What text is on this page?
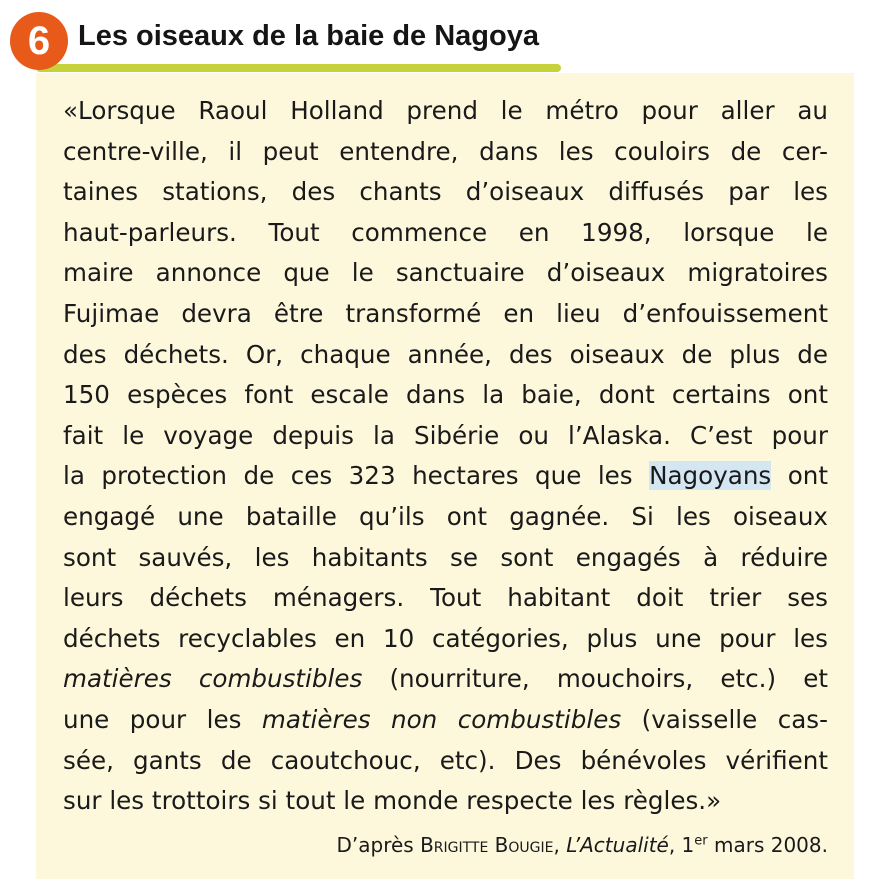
6 Les oiseaux de la baie de Nagoya
«Lorsque Raoul Holland prend le métro pour aller au
centre-ville, il peut entendre, dans les couloirs de cer-
taines stations, des chants d’oiseaux diffusés par les
haut-parleurs. Tout commence en 1998, lorsque le
maire annonce que le sanctuaire d’oiseaux migratoires
Fujimae devra être transformé en lieu d’enfouissement
des déchets. Or, chaque année, des oiseaux de plus de
150 espèces font escale dans la baie, dont certains ont
fait le voyage depuis la Sibérie ou l’Alaska. C’est pour
la protection de ces 323 hectares que les Nagoyans ont
engagé une bataille qu’ils ont gagnée. Si les oiseaux
sont sauvés, les habitants se sont engagés à réduire
leurs déchets ménagers. Tout habitant doit trier ses
déchets recyclables en 10 catégories, plus une pour les
matières combustibles (nourriture, mouchoirs, etc.) et
une pour les matières non combustibles (vaisselle cas-
sée, gants de caoutchouc, etc). Des bénévoles vérifient
sur les trottoirs si tout le monde respecte les règles.»
D’après Brigitte Bougie, L’Actualité, 1er mars 2008.
